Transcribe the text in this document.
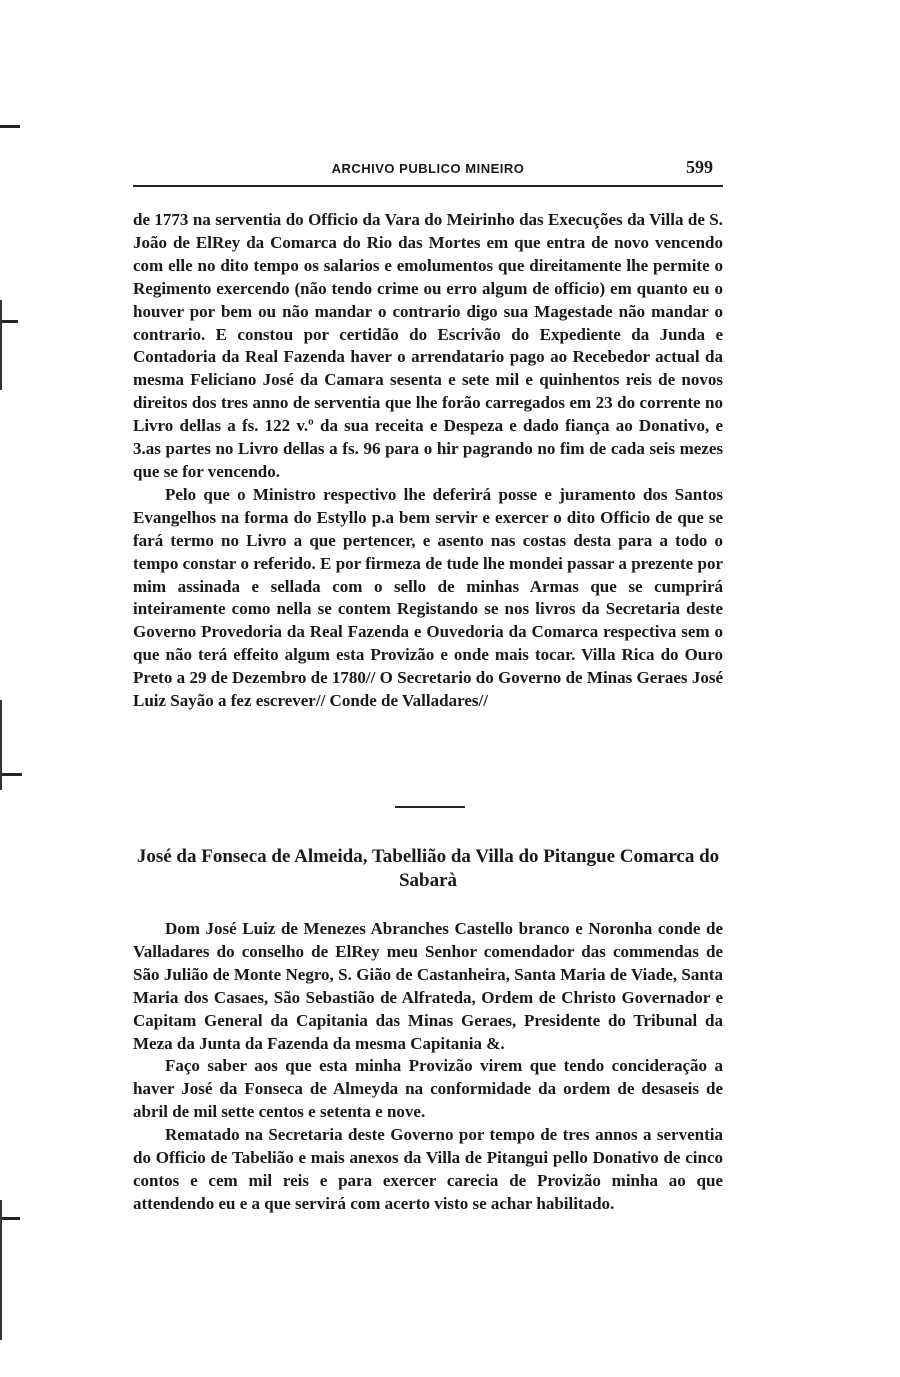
ARCHIVO PUBLICO MINEIRO	599

de 1773 na serventia do Officio da Vara do Meirinho das Execuções da Villa de S. João de ElRey da Comarca do Rio das Mortes em que entra de novo vencendo com elle no dito tempo os salarios e emolumentos que direitamente lhe permite o Regimento exercendo (não tendo crime ou erro algum de officio) em quanto eu o houver por bem ou não mandar o contrario digo sua Magestade não mandar o contrario. E constou por certidão do Escrivão do Expediente da Junda e Contadoria da Real Fazenda haver o arrendatario pago ao Recebedor actual da mesma Feliciano José da Camara sesenta e sete mil e quinhentos reis de novos direitos dos tres anno de serventia que lhe forão carregados em 23 do corrente no Livro dellas a fs. 122 v.º da sua receita e Despeza e dado fiança ao Donativo, e 3.as partes no Livro dellas a fs. 96 para o hir pagrando no fim de cada seis mezes que se for vencendo.

Pelo que o Ministro respectivo lhe deferirá posse e juramento dos Santos Evangelhos na forma do Estyllo p.a bem servir e exercer o dito Officio de que se fará termo no Livro a que pertencer, e asento nas costas desta para a todo o tempo constar o referido. E por firmeza de tude lhe mondei passar a prezente por mim assinada e sellada com o sello de minhas Armas que se cumprirá inteiramente como nella se contem Registando se nos livros da Secretaria deste Governo Provedoria da Real Fazenda e Ouvedoria da Comarca respectiva sem o que não terá effeito algum esta Provizão e onde mais tocar. Villa Rica do Ouro Preto a 29 de Dezembro de 1780// O Secretario do Governo de Minas Geraes José Luiz Sayão a fez escrever// Conde de Valladares//

José da Fonseca de Almeida, Tabellião da Villa do Pitangue Comarca do Sabarà

Dom José Luiz de Menezes Abranches Castello branco e Noronha conde de Valladares do conselho de ElRey meu Senhor comendador das commendas de São Julião de Monte Negro, S. Gião de Castanheira, Santa Maria de Viade, Santa Maria dos Casaes, São Sebastião de Alfrateda, Ordem de Christo Governador e Capitam General da Capitania das Minas Geraes, Presidente do Tribunal da Meza da Junta da Fazenda da mesma Capitania &.

Faço saber aos que esta minha Provizão virem que tendo concideração a haver José da Fonseca de Almeyda na conformidade da ordem de desaseis de abril de mil sette centos e setenta e nove.

Rematado na Secretaria deste Governo por tempo de tres annos a serventia do Officio de Tabelião e mais anexos da Villa de Pitangui pello Donativo de cinco contos e cem mil reis e para exercer carecia de Provizão minha ao que attendendo eu e a que servirá com acerto visto se achar habilitado.
